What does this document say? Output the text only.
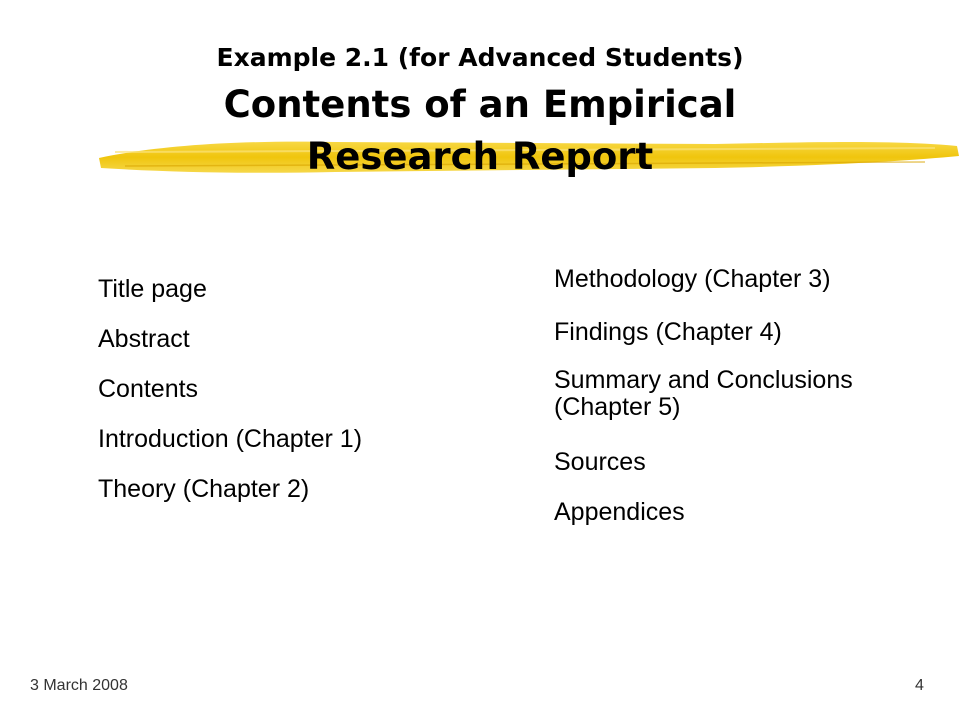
Example 2.1 (for Advanced Students)
Contents of an Empirical
Research Report
Title page
Abstract
Contents
Introduction (Chapter 1)
Theory (Chapter 2)
Methodology (Chapter 3)
Findings (Chapter 4)
Summary and Conclusions (Chapter 5)
Sources
Appendices
3 March 2008	4
